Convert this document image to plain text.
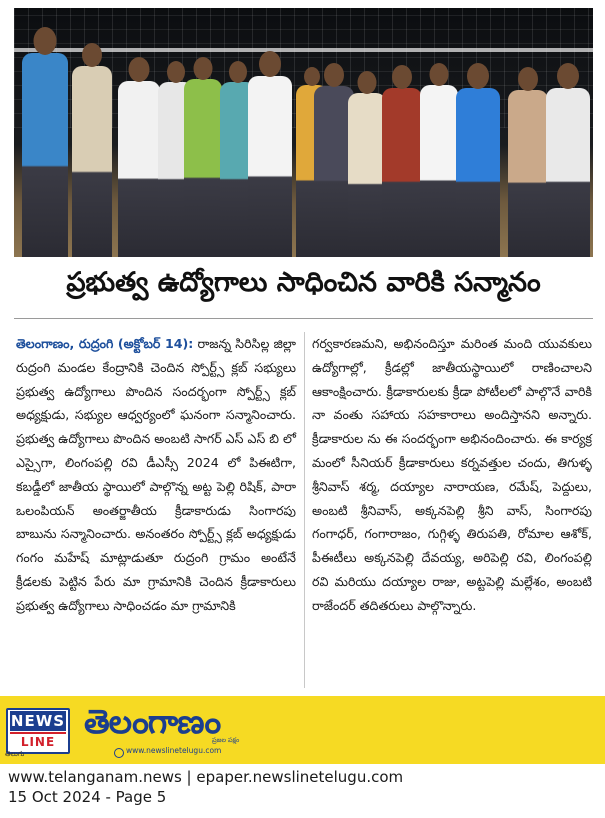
ప్రభుత్వ ఉద్యోగాలు సాధించిన వారికి సన్మానం

తెలంగాణం, రుద్రంగి (అక్టోబర్ 14): రాజన్న సిరిసిల్ల జిల్లా రుద్రంగి మండల కేంద్రానికి చెందిన స్పోర్ట్స్ క్లబ్ సభ్యులు ప్రభుత్వ ఉద్యోగాలు పొందిన సందర్భంగా స్పోర్ట్స్ క్లబ్ అధ్యక్షుడు, సభ్యుల ఆధ్వర్యంలో ఘనంగా సన్మానించారు. ప్రభుత్వ ఉద్యోగాలు పొందిన అంబటి సాగర్ ఎస్ ఎస్ బి లో ఎస్సైగా, లింగంపల్లి రవి డీఎస్సీ 2024 లో పిఈటిగా, కబడ్డీలో జాతీయ స్థాయిలో పాల్గొన్న అట్ట పెల్లి రిషిక్, పారా ఒలంపియన్ అంతర్జాతీయ క్రీడాకారుడు సింగారపు బాబును సన్మానించారు. అనంతరం స్పోర్ట్స్ క్లబ్ అధ్యక్షుడు గంగం మహేష్ మాట్లాడుతూ రుద్రంగి గ్రామం అంటేనే క్రీడలకు పెట్టిన పేరు మా గ్రామానికి చెందిన క్రీడాకారులు ప్రభుత్వ ఉద్యోగాలు సాధించడం మా గ్రామానికి

గర్వకారణమని, అభినందిస్తూ మరింత మంది యువకులు ఉద్యోగాల్లో, క్రీడల్లో జాతీయస్థాయిలో రాణించాలని ఆకాంక్షించారు. క్రీడాకారులకు క్రీడా పోటీలలో పాల్గొనే వారికి నా వంతు సహాయ సహకారాలు అందిస్తానని అన్నారు. క్రీడాకారుల ను ఈ సందర్భంగా అభినందించారు. ఈ కార్యక్ర మంలో సీనియర్ క్రీడాకారులు కర్నవత్తుల చందు, తిగుళ్ళ శ్రీనివాస్ శర్మ, దయ్యాల నారాయణ, రమేష్, పెద్దులు, అంబటి శ్రీనివాస్, అక్కనపెల్లి శ్రీని వాస్, సింగారపు గంగాధర్, గంగారాజం, గుగ్గిళ్ళ తిరుపతి, రోమాల ఆశోక్, పీఈటీలు అక్కనపెల్లి దేవయ్య, అరిపెల్లి రవి, లింగంపల్లి రవి మరియు దయ్యాల రాజు, అట్టపెల్లి మల్లేశం, అంబటి రాజేందర్ తదితరులు పాల్గొన్నారు.

NEWS
LINE
తెలుగు
తెలంగాణం
ప్రజల పక్షం
www.newslinetelugu.com
www.telanganam.news | epaper.newslinetelugu.com
15 Oct 2024 - Page 5
